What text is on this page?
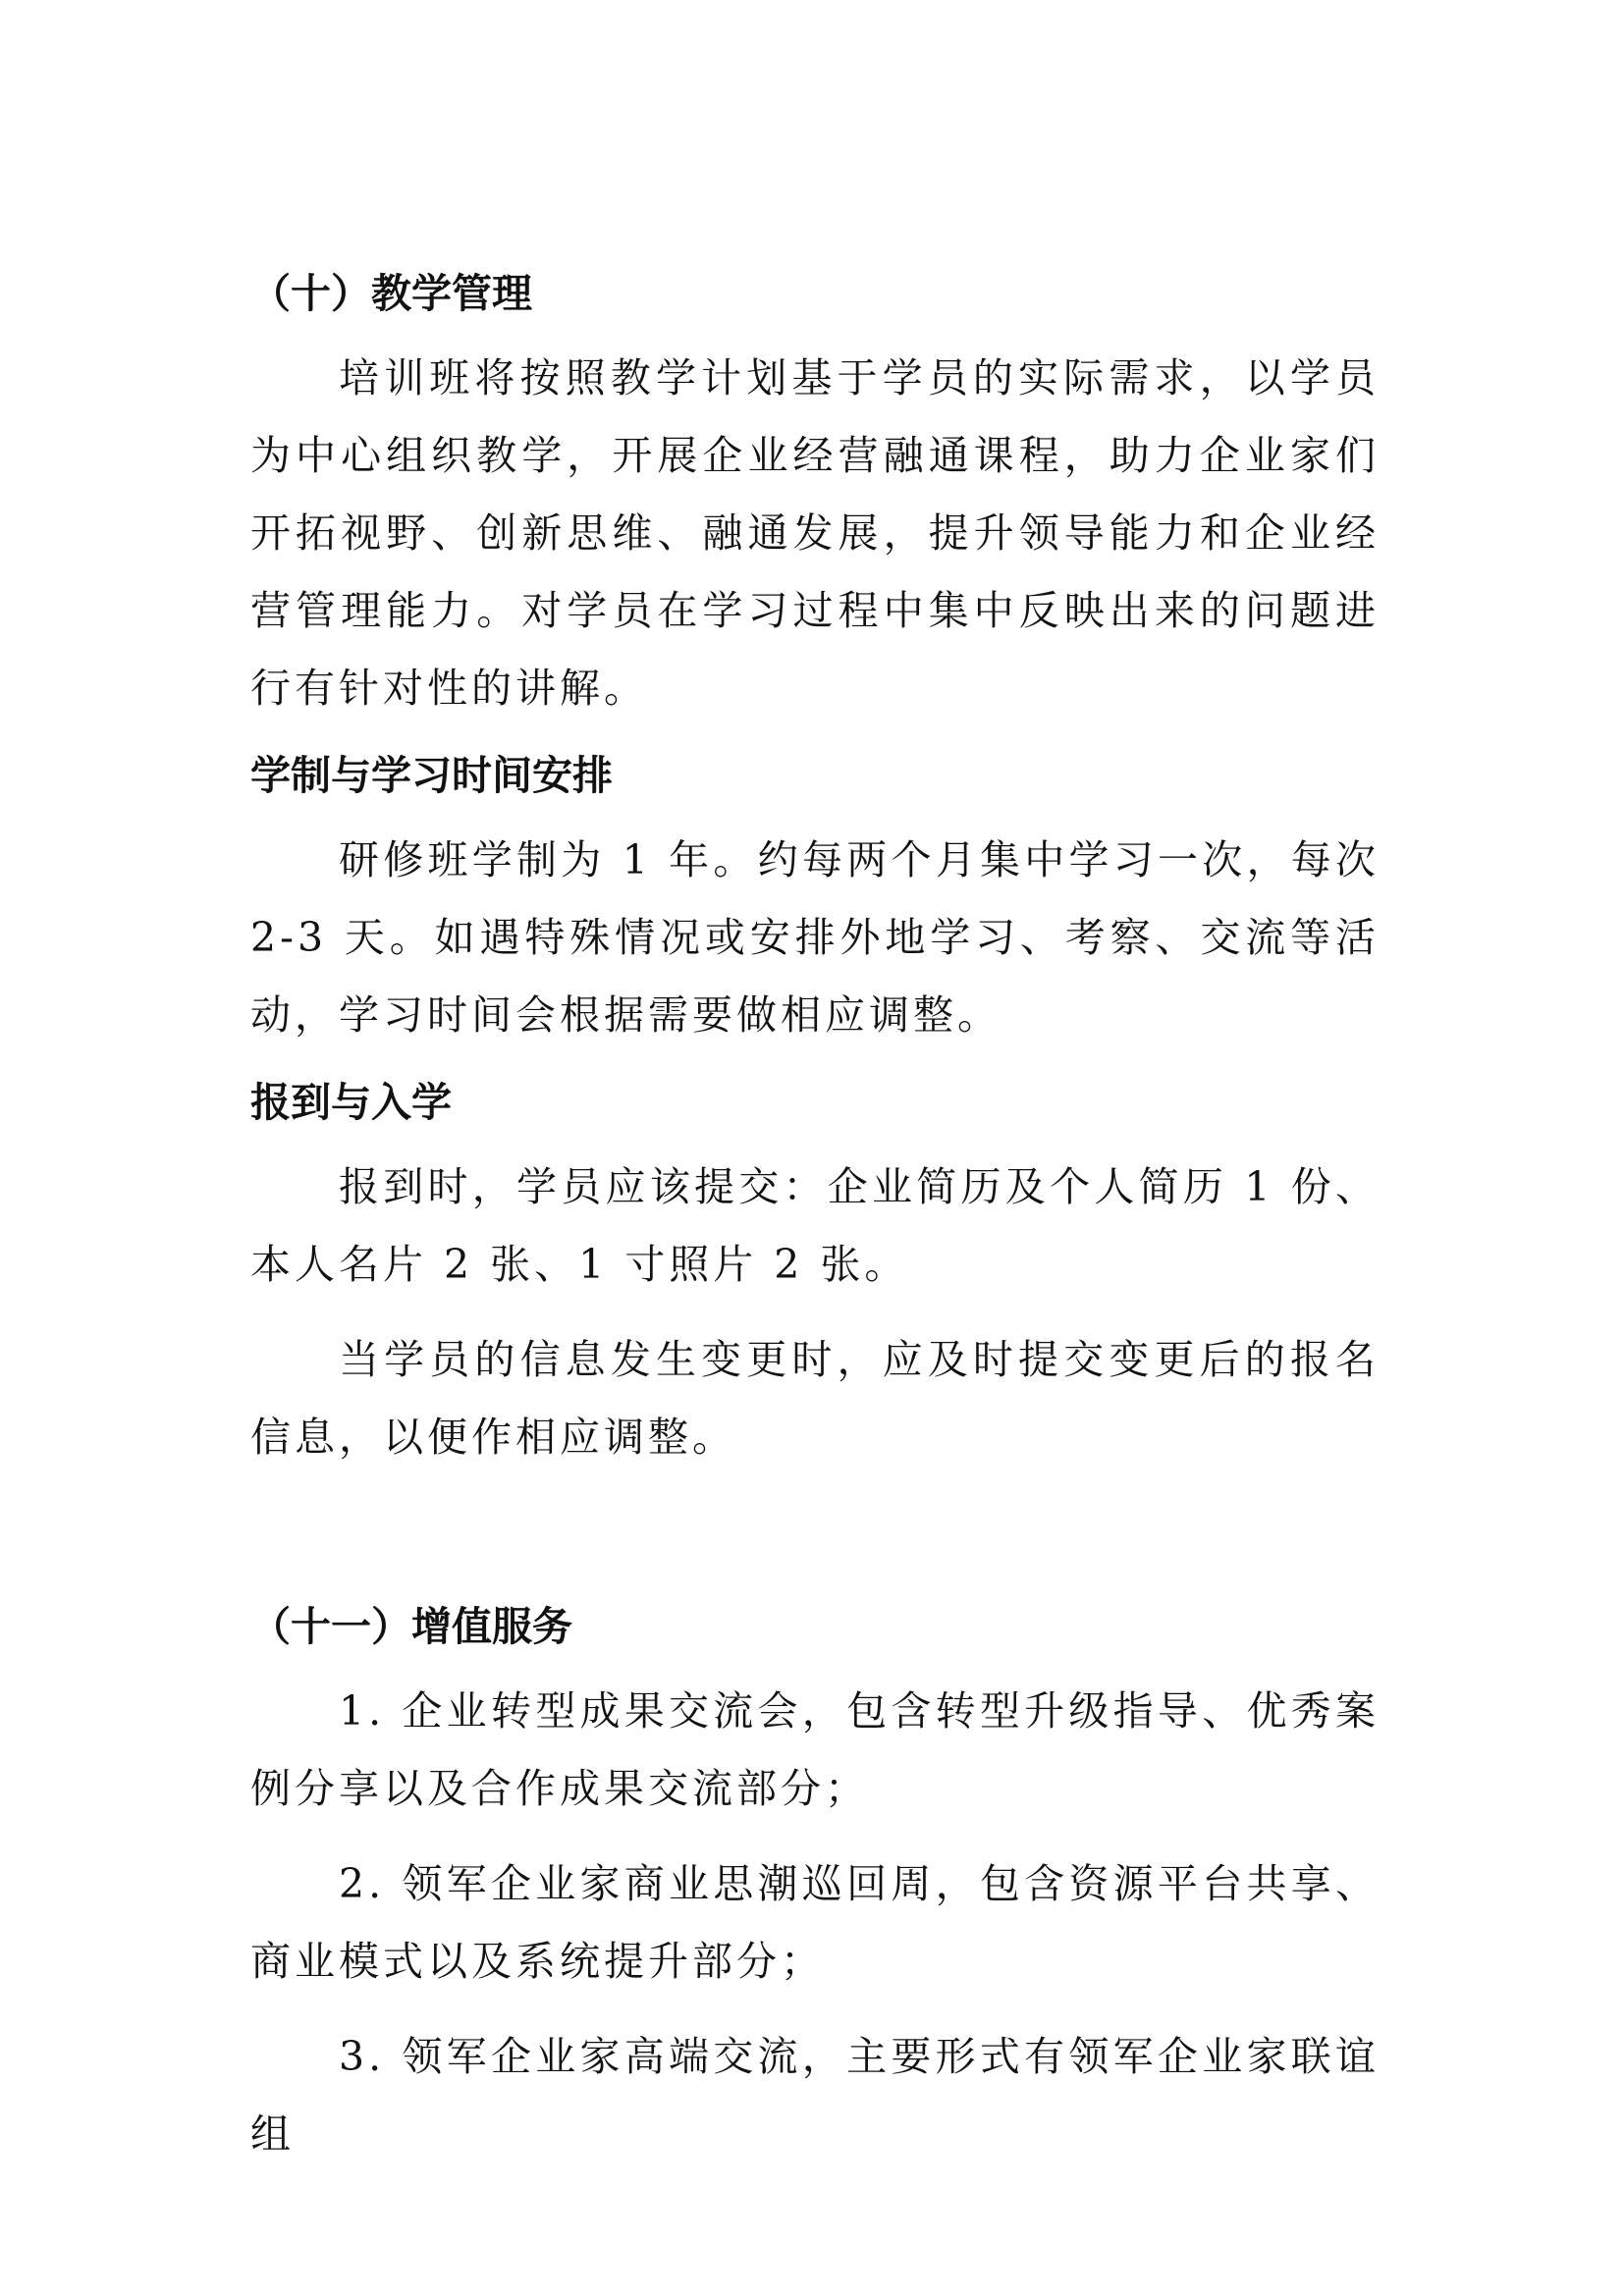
（十）教学管理

培训班将按照教学计划基于学员的实际需求，以学员为中心组织教学，开展企业经营融通课程，助力企业家们开拓视野、创新思维、融通发展，提升领导能力和企业经营管理能力。对学员在学习过程中集中反映出来的问题进行有针对性的讲解。

学制与学习时间安排

研修班学制为 1 年。约每两个月集中学习一次，每次 2-3 天。如遇特殊情况或安排外地学习、考察、交流等活动，学习时间会根据需要做相应调整。

报到与入学

报到时，学员应该提交：企业简历及个人简历 1 份、本人名片 2 张、1 寸照片 2 张。

当学员的信息发生变更时，应及时提交变更后的报名信息，以便作相应调整。

（十一）增值服务

1. 企业转型成果交流会，包含转型升级指导、优秀案例分享以及合作成果交流部分；

2. 领军企业家商业思潮巡回周，包含资源平台共享、商业模式以及系统提升部分；

3. 领军企业家高端交流，主要形式有领军企业家联谊组
